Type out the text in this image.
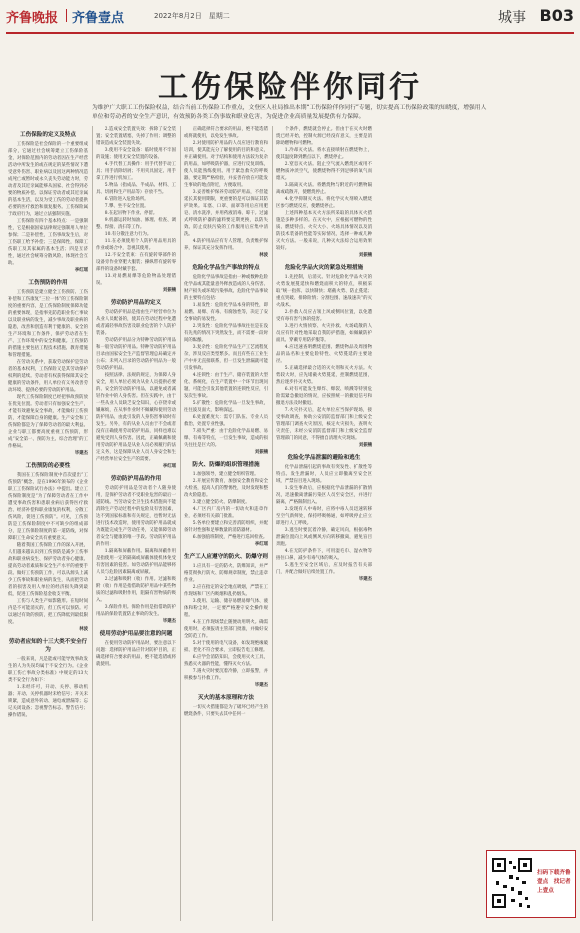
齐鲁晚报 齐鲁壹点	2022年8月2日　星期二	城事 B03
工伤保险伴你同行
为维护广大职工工伤保险权益，结合当前工伤保险工作重点，文登区人社局推出本期“工伤保险伴你同行”专题，切实提高工伤保险政策的知晓度，增强用人单位和劳动者的安全生产意识，有效预防各类工伤事故和职业危害，为促进企业高质量发展提供有力保障。
工伤保险的定义及特点

工伤保险是社会保险的一个重要组成部分，它通过社会统筹建立工伤保险基金，对保险范围内的劳动者因在生产经营活动中所发生的或在规定的某些情况下遭受意外伤害、职业病以及因这两种情况造成死亡或暂时或永久丧失劳动能力时，劳动者及其近亲属能够从国家、社会得到必要的物质补偿。以保证劳动者或其近亲属的基本生活，以及为受工伤的劳动者提供必要的医疗救治和康复服务。工伤保险属于政府行为，通过立法强制实施。

工伤保险有四个基本特点：一是强制性，它是根据国家法律规定强制用人单位参保；二是补偿性，工伤事故发生后，对工伤职工给予补偿；三是保障性，保障工伤职工及其家属的基本生活；四是互济性，通过社会统筹分散风险，体现社会互助。

李红瑶

工伤预防的作用

工伤预防是建立健全工伤预防、工伤补偿和工伤康复“三位一体”的工伤保险制度的重要内容，是工伤保险制度保障功能的重要体现，是指事先防范职业伤亡事故以及职业病的发生，减少事故及职业病的隐患，改善和创造有利于健康的、安全的生产环境和工作条件，保护劳动者在生产、工作环境中的安全和健康。工伤预防的措施主要包括工程技术措施、教育措施和管理措施。

在劳动关系中，获取劳动保护是劳动者的基本权利，工伤保险又是其劳动保护权利的延续。劳动者有权获得保障其安全健康的劳动条件，用人单位有义务改善劳动环境、提供必要的劳动防护用品。

现代工伤保险制度已经把事故预防放在优先位置。劳动者只有加强安全生产，才能有效避免安全事故，才能做好工伤预防，才能保障自身的健康。生产安全和工伤保险都是为了保障劳动者的最大利益。企业与职工都要高度重视工伤预防，形成“安全第一、预防为主、综合治理”的工作格局。

毕建杰

工伤预防的必要性

我国在工伤保险制度中首次提出“工伤预防”概念，是在1996年颁布的《企业职工工伤保险试行办法》中提出。建立工伤保险制度是“为了保障劳动者在工作中遭受事故伤害和患职业病后获得医疗救治、经济补偿和职业康复的权利，分散工伤风险，促进工伤预防”。可见，工伤预防是工伤保险制度中不可缺少的组成部分，是工伤保险制度的第一道防线，对保障职工生命安全具有重要意义。

随着我国工伤保险工作的深入开展，人们越来越认识到工伤预防是减少工伤事故和职业病发生、保护劳动者身心健康、提高劳动者素质和安全生产水平的重要手段。做好工伤预防工作，可以从源头上减少工伤事故和职业病的发生，从而把劳动者的损害及用人单位的经济损失降到最低，促进工伤保险基金收支平衡。

工伤与人类生产如影随形。在短时间内是不可能消灭的，但工伤可以预防。可以通过有效的预防，把工伤降低到最低限度。

林波

劳动者应知的十三大类不安全行为

一般来说，凡是能或可能导致事故发生的人为失误均属于不安全行为。《企业职工伤亡事故分类标准》中规定的13大类不安全行为如下：

1.未经许可，开动、关停、移动机器；开动、关停机器时未给信号；开关未锁紧，造成意外转动、通电或泄漏等；忘记关闭设备；忽视警告标志、警告信号；操作错误。

2.造成安全装置失效：拆除了安全装置；安全装置堵塞，失掉了作用；调整的错误造成安全装置失效。

3.使用不安全设备：临时使用不牢固的设施；使用无安全装置的设备。

4.手代替工具操作：用手代替手动工具；用手清除切屑；不用夹具固定、用手拿工件进行机加工。

5.物品（指成品、半成品、材料、工具、切屑和生产用品等）存放不当。

6.冒险进入危险场所。

7.攀、坐不安全位置。

8.在起吊物下作业、停留。

9.机器运转时加油、修理、检查、调整、焊接、清扫等工作。

10.有分散注意力行为。

11.在必须使用个人防护用品用具的作业或场合中，忽视其使用。

12.不安全装束：在有旋转零部件的设备旁作业穿肥大服装；操纵带有旋转零部件的设备时戴手套。

13.对易燃易爆等危险物品处理错误。

刘振楠

劳动防护用品的定义

劳动防护用品是指由生产经营单位为从业人员配备的，使其在劳动过程中免遭或者减轻事故伤害及职业危害的个人防护装备。

劳动防护用品分为特种劳动防护用品和一般劳动防护用品。特种劳动防护用品目录由国家安全生产监督管理总局确定并公布；未列入目录的劳动防护用品为一般劳动防护用品。

按照法律、法规的规定，为保障人身安全，用人单位必须为从业人员提供必要的、安全的劳动防护用品，以避免或者减轻作业中的人身伤害。但在实践中，由于一些从业人员缺乏安全知识，心存侥幸或嫌麻烦，在从事作业时不佩戴和使用劳动防护用品，由此引发的人身伤害事故时有发生。另外，有的从业人员由于不会或者没有正确使用劳动防护用品，同样也难以避免受到人身伤害。因此，正确佩戴和使用劳动防护用品是从业人员必须履行的法定义务，这是保障从业人员人身安全和生产经营单位安全生产的需要。

李红瑶

劳动防护用品的作用

劳动防护用品是劳动者个人随身使用，是保护劳动者不受职业危害的最后一道防线。当劳动安全卫生技术措施尚不能消除生产劳动过程中的危险及有害因素，达不到国家标准和有关规定，也暂时无法进行技术改造时，使用劳动防护用品就成为既能完成生产劳动任务，又能保障劳动者安全与健康的唯一手段。劳动防护用品的作用：

1.隔离和屏蔽作用。隔离和屏蔽作用是指使用一定的隔离或屏蔽体使机体免受有害因素的侵害。如劳动防护用品能够将人员与危险因素隔离或屏蔽。

2.过滤和吸附（收）作用。过滤和吸附（收）作用是指借助防护用品中某些物质的过滤和吸附作用，阻隔有害物质的吸入。

3.保险作用。保险作用是指借助防护用品的保险装置防止事故的发生。

毕建杰

使用劳动护用品要注意的问题

在使用劳动防护用品时，要注意以下问题：选择防护用品应针对防护目的，正确选择符合要求的用品，绝不能选错或将就使用。

正确选择符合要求的用品，绝不能选错或将就使用，以免发生事故。

2.对使用防护用品的人员应进行教育和培训，使其能充分了解使用的目的和意义，并正确使用。对于结构和使用方法较为复杂的用品，如呼吸防护器，应进行反复训练，使人员能熟练使用。用于紧急救灾的呼吸器，要定期严格检验，并妥善存放在可能发生事故的地点附近，方便取用。

3.妥善维护保养劳动防护用品，不但能延长其使用期限，更重要的是可以保证其防护效果。耳塞、口罩、面罩等用后应用肥皂、清水洗净，并用药液消毒、晾干。过滤式呼吸防护器的滤料要定期更换，以防失效。防止皮肤污染的工作服用后应集中清洗。

4.防护用品应有专人管理，负责维护保养，保证其充分发挥作用。

林波

危险化学品生产事故的特点

危险化学品事故是指由一种或数种危险化学品或其能量意外释放造成的人身伤害、财产损失或环境污染事故。危险化学品事故的主要特点包括：

1.易发性：危险化学品本身的特性，即易燃、易爆、有毒、有腐蚀性等，决定了安全事故的易发性。

2.突发性：危险化学品事故往往是在没有先兆的情况下突然发生，而不需要一段时间的酝酿。

3.复杂性：危险化学品生产工艺流程复杂，涉及反应类型繁多。而且有些在工业生产中并无直接联系，但一旦发生泄漏就可能引发事故。

4.连锁性：由于生产、储存装置的大型化、系统化，在生产装置中一个环节出现问题，可能会引发其他装置的连锁性反应，引发次生事故。

5.扩散性：危险化学品一旦发生事故，往往波及面大，影响深远。

6.处置难度大：需专门队伍、专业人员救治，处置专业性强。

7.损失严重：由于危险化学品易燃、易爆、有毒等特点，一旦发生事故，造成的损失往往是巨大的。

刘振楠

防火、防爆的组织管理措施

1.加强领导，建立健全组织管理。

2.开展宣传教育，加强安全教育和安全大检查，提高人们的警惕性，及时发现和整改火险隐患。

3.建立健全防火、防爆制度。

4.厂区内厂房内的一切动火和违章作业，必须经有关部门批准。

5.各单位要建立和完善消防组织，并配备针对性强和足够数量的消防器材。

6.加强值班制度，严格进行巡回检查。

李红瑶

生产工人应遵守的防火、防爆守则

1.应具有一定的防火、防爆知识，并严格贯彻执行防火、防爆规章制度，禁止违章作业。

2.应在指定的安全地点吸烟，严禁在工作现场和厂区内吸烟和乱扔烟头。

3.使用、运输、储存易燃易爆气体、液体和粉尘时，一定要严格遵守安全操作规程。

4.在工作现场禁止随便动用明火。确需使用时，必须报请主管部门批准，并做好安全防范工作。

5.对于使用的电气设备，如发现绝缘破损、老化不符合要求，立即报告电工修理。

6.应学会消防知识，会使用灭火工具，熟悉灭火器的性能，懂得灭火方法。

7.遇火灾时要沉着冷静，立即报警，并积极参与扑救工作。

毕建杰

灭火的基本原理和方法

一切灭火措施都是为了破坏已经产生的燃烧条件，只要失去其中任何一

个条件，燃烧就会停止。但由于在灭火时燃烧已经开始，控制火源已经没有意义，主要是消除助燃物和可燃物。

1.冷却灭火法。将水直接喷射在燃烧物上，使其温度降到燃点以下，燃烧停止。

2.窒息灭火法。阻止空气流入燃烧区或用不燃物质冲淡空气，使燃烧物得不到足够的氧气而熄灭。

3.隔离灭火法。将燃烧物与附近的可燃物隔离或疏散开，使燃烧停止。

4.化学抑制灭火法。将化学灭火剂喷入燃烧区参与燃烧反应，使燃烧停止。

上述四种基本灭火方法所采取的具体灭火措施是多种多样的。在灭火中，应根据可燃物的性质、燃烧特点、火灾大小、火场具体情况以及消防技术装备的性能等实际情况，选择一种或几种灭火方法。一般来说，几种灭火法综合运用效果较好。

刘振楠

危险化学品火灾的紧急处理措施

1.先控制，后消灭。针对危险化学品火灾的火势发展蔓延快和燃烧面积大的特点，积极采取“统一指挥、以快制快；堵截火势、防止蔓延；重点突破、排除险情；分割包围、速战速决”的灭火战术。

2.扑救人员应占领上风或侧风位置，以免遭受有毒有害气体的侵害。

3.进行火情侦察、火灾扑救、火场疏散的人员应有针对性地采取自我防护措施，如佩戴防护面具、穿戴专用防护服等。

4.应迅速查明燃烧范围、燃烧物品及周围物品的品名和主要危险特性、火势蔓延的主要途径。

5.正确选择最合适的灭火剂和灭火方法。火势较大时，应先堵截火势蔓延，控制燃烧范围，然后逐步扑灭火势。

6.对有可能发生爆炸、爆裂、喷溅等特别危险需紧急撤退的情况，应按照统一的撤退信号和撤退方法及时撤退。

7.火灾扑灭后，起火单位应当保护现场，接受事故调查，协助公安消防监督部门和上级安全管理部门调查火灾原因，核定火灾损失，查明火灾责任，未经公安消防监督部门和上级安全监督管理部门的同意，不得擅自清理火灾现场。

刘振楠

危险化学品泄漏的避险和逃生

化学品泄漏引起的事故有突发性、扩散性等特点。发生泄漏时，人员应立即撤离至安全区域，严禁盲目进入现场。

1.发生事故后，应根据化学品泄漏的扩散情况，迅速撤离泄漏污染区人员至安全区，并进行隔离，严格限制出入。

2.发现有人中毒时，应将中毒人员迅速转移至空气新鲜处，保持呼吸畅通，如呼吸停止应立即进行人工呼吸。

3.逃生时要沉着冷静，确定风向，根据毒物泄漏位置向上风或侧风方向转移撤离，避免盲目奔跑。

4.在无防护条件下，可用湿毛巾、湿衣物等捂住口鼻，减少有毒气体的吸入。

5.逃生至安全区域后，应及时报告有关部门，并配合做好后续处置工作。

毕建杰

扫码下载齐鲁壹点　找记者 上壹点
